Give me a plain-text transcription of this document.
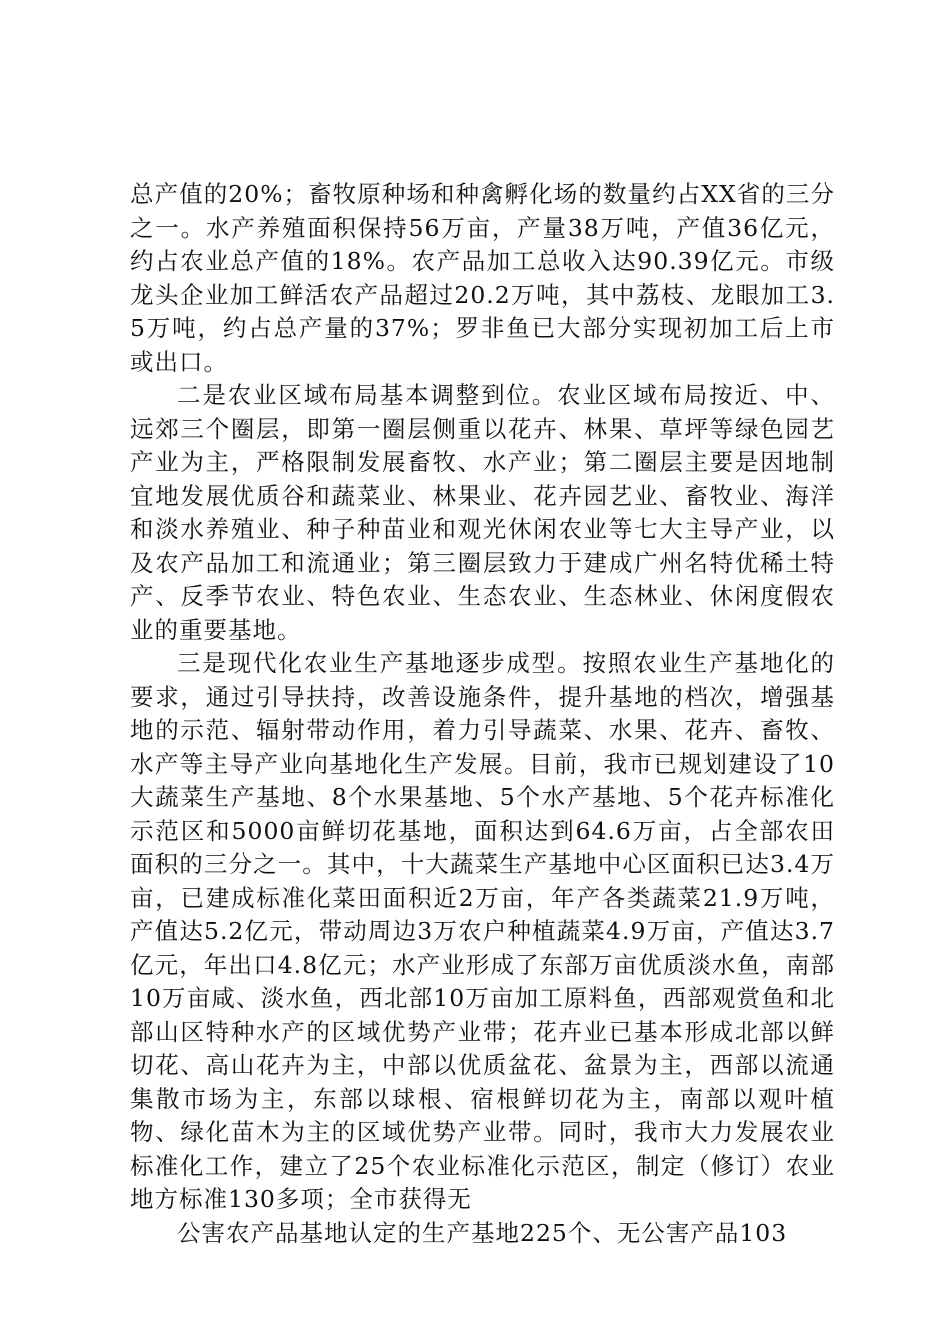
总产值的20%；畜牧原种场和种禽孵化场的数量约占XX省的三分之一。水产养殖面积保持56万亩，产量38万吨，产值36亿元，约占农业总产值的18%。农产品加工总收入达90.39亿元。市级龙头企业加工鲜活农产品超过20.2万吨，其中荔枝、龙眼加工3.5万吨，约占总产量的37%；罗非鱼已大部分实现初加工后上市或出口。

二是农业区域布局基本调整到位。农业区域布局按近、中、远郊三个圈层，即第一圈层侧重以花卉、林果、草坪等绿色园艺产业为主，严格限制发展畜牧、水产业；第二圈层主要是因地制宜地发展优质谷和蔬菜业、林果业、花卉园艺业、畜牧业、海洋和淡水养殖业、种子种苗业和观光休闲农业等七大主导产业，以及农产品加工和流通业；第三圈层致力于建成广州名特优稀土特产、反季节农业、特色农业、生态农业、生态林业、休闲度假农业的重要基地。

三是现代化农业生产基地逐步成型。按照农业生产基地化的要求，通过引导扶持，改善设施条件，提升基地的档次，增强基地的示范、辐射带动作用，着力引导蔬菜、水果、花卉、畜牧、水产等主导产业向基地化生产发展。目前，我市已规划建设了10大蔬菜生产基地、8个水果基地、5个水产基地、5个花卉标准化示范区和5000亩鲜切花基地，面积达到64.6万亩，占全部农田面积的三分之一。其中，十大蔬菜生产基地中心区面积已达3.4万亩，已建成标准化菜田面积近2万亩，年产各类蔬菜21.9万吨，产值达5.2亿元，带动周边3万农户种植蔬菜4.9万亩，产值达3.7亿元，年出口4.8亿元；水产业形成了东部万亩优质淡水鱼，南部10万亩咸、淡水鱼，西北部10万亩加工原料鱼，西部观赏鱼和北部山区特种水产的区域优势产业带；花卉业已基本形成北部以鲜切花、高山花卉为主，中部以优质盆花、盆景为主，西部以流通集散市场为主，东部以球根、宿根鲜切花为主，南部以观叶植物、绿化苗木为主的区域优势产业带。同时，我市大力发展农业标准化工作，建立了25个农业标准化示范区，制定（修订）农业地方标准130多项；全市获得无

公害农产品基地认定的生产基地225个、无公害产品103
